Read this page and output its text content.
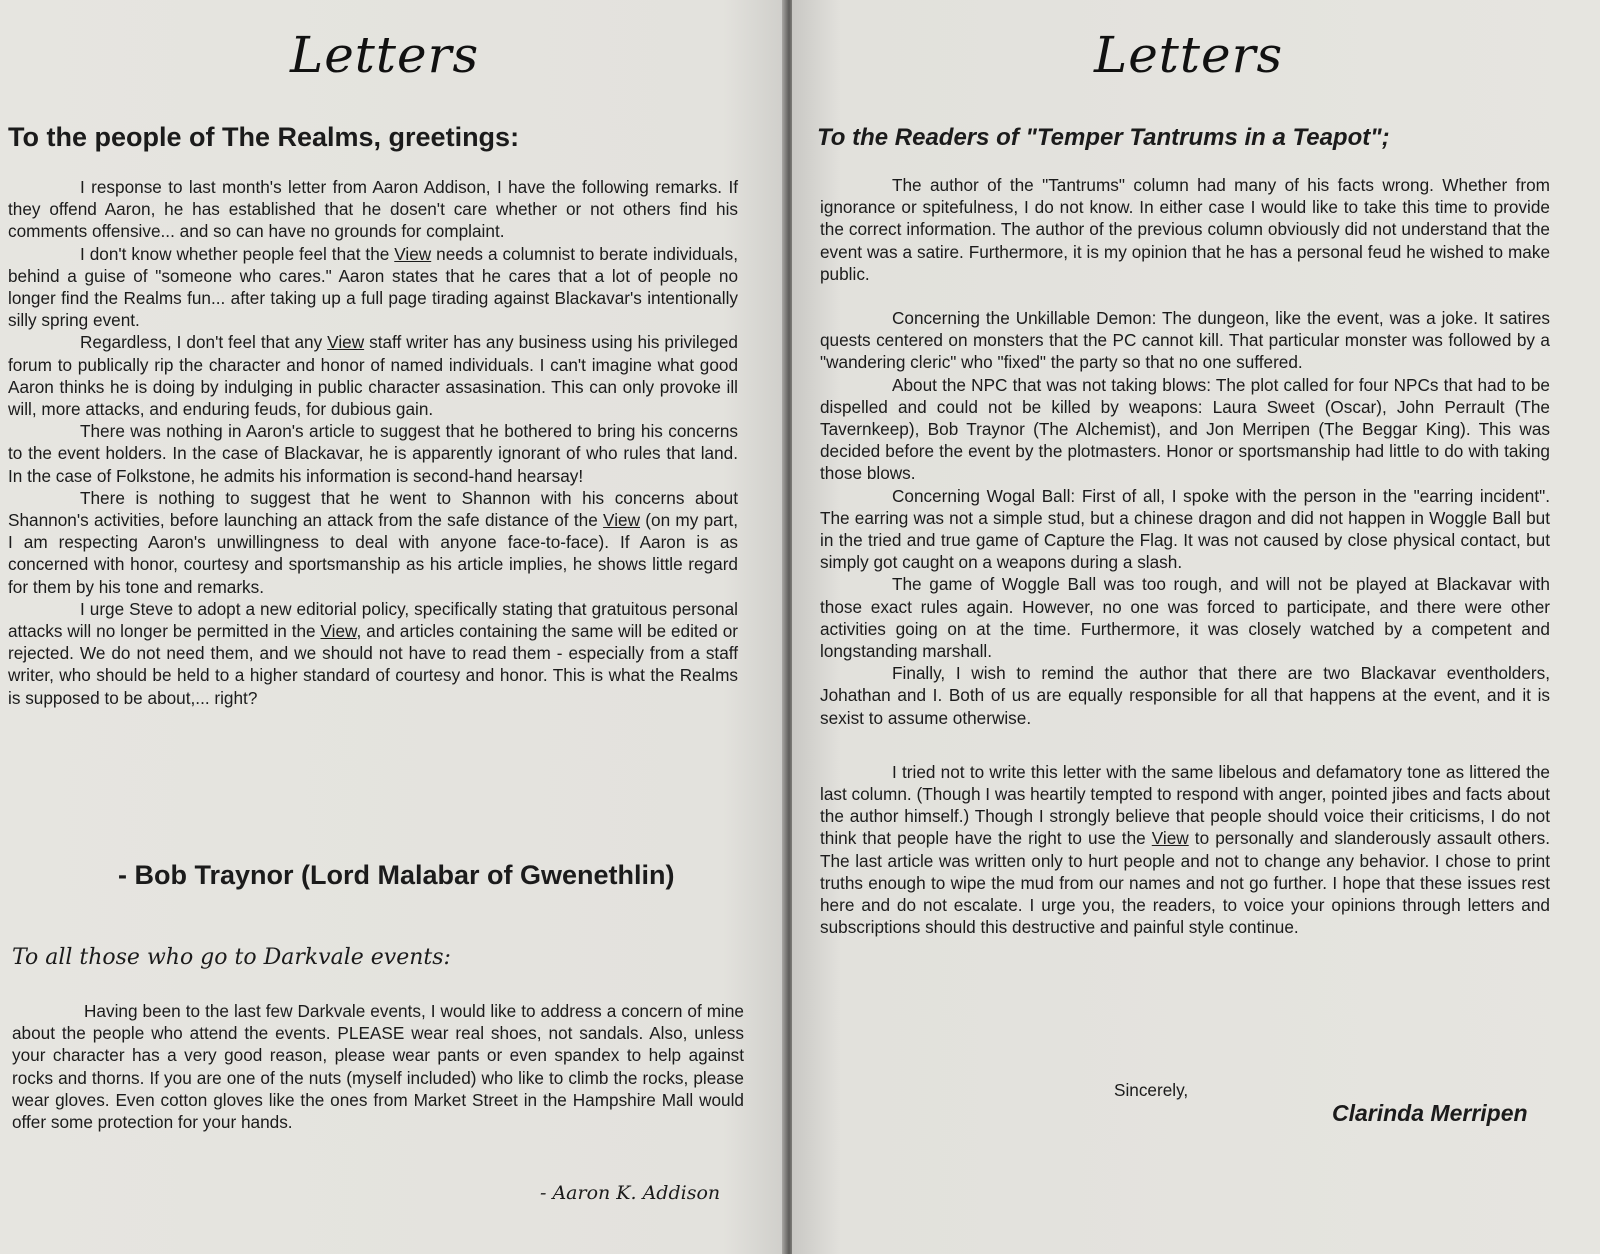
Letters
To the people of The Realms, greetings:

I response to last month's letter from Aaron Addison, I have the following remarks. If they offend Aaron, he has established that he dosen't care whether or not others find his comments offensive... and so can have no grounds for complaint.

I don't know whether people feel that the View needs a columnist to berate individuals, behind a guise of "someone who cares." Aaron states that he cares that a lot of people no longer find the Realms fun... after taking up a full page tirading against Blackavar's intentionally silly spring event.

Regardless, I don't feel that any View staff writer has any business using his privileged forum to publically rip the character and honor of named individuals. I can't imagine what good Aaron thinks he is doing by indulging in public character assasination. This can only provoke ill will, more attacks, and enduring feuds, for dubious gain.

There was nothing in Aaron's article to suggest that he bothered to bring his concerns to the event holders. In the case of Blackavar, he is apparently ignorant of who rules that land. In the case of Folkstone, he admits his information is second-hand hearsay!

There is nothing to suggest that he went to Shannon with his concerns about Shannon's activities, before launching an attack from the safe distance of the View (on my part, I am respecting Aaron's unwillingness to deal with anyone face-to-face). If Aaron is as concerned with honor, courtesy and sportsmanship as his article implies, he shows little regard for them by his tone and remarks.

I urge Steve to adopt a new editorial policy, specifically stating that gratuitous personal attacks will no longer be permitted in the View, and articles containing the same will be edited or rejected. We do not need them, and we should not have to read them - especially from a staff writer, who should be held to a higher standard of courtesy and honor. This is what the Realms is supposed to be about,... right?

- Bob Traynor (Lord Malabar of Gwenethlin)
To all those who go to Darkvale events:

Having been to the last few Darkvale events, I would like to address a concern of mine about the people who attend the events. PLEASE wear real shoes, not sandals. Also, unless your character has a very good reason, please wear pants or even spandex to help against rocks and thorns. If you are one of the nuts (myself included) who like to climb the rocks, please wear gloves. Even cotton gloves like the ones from Market Street in the Hampshire Mall would offer some protection for your hands.

- Aaron K. Addison
Letters
To the Readers of "Temper Tantrums in a Teapot";

The author of the "Tantrums" column had many of his facts wrong. Whether from ignorance or spitefulness, I do not know. In either case I would like to take this time to provide the correct information. The author of the previous column obviously did not understand that the event was a satire. Furthermore, it is my opinion that he has a personal feud he wished to make public.

Concerning the Unkillable Demon: The dungeon, like the event, was a joke. It satires quests centered on monsters that the PC cannot kill. That particular monster was followed by a "wandering cleric" who "fixed" the party so that no one suffered.

About the NPC that was not taking blows: The plot called for four NPCs that had to be dispelled and could not be killed by weapons: Laura Sweet (Oscar), John Perrault (The Tavernkeep), Bob Traynor (The Alchemist), and Jon Merripen (The Beggar King). This was decided before the event by the plotmasters. Honor or sportsmanship had little to do with taking those blows.

Concerning Wogal Ball: First of all, I spoke with the person in the "earring incident". The earring was not a simple stud, but a chinese dragon and did not happen in Woggle Ball but in the tried and true game of Capture the Flag. It was not caused by close physical contact, but simply got caught on a weapons during a slash.

The game of Woggle Ball was too rough, and will not be played at Blackavar with those exact rules again. However, no one was forced to participate, and there were other activities going on at the time. Furthermore, it was closely watched by a competent and longstanding marshall.

Finally, I wish to remind the author that there are two Blackavar eventholders, Johathan and I. Both of us are equally responsible for all that happens at the event, and it is sexist to assume otherwise.

I tried not to write this letter with the same libelous and defamatory tone as littered the last column. (Though I was heartily tempted to respond with anger, pointed jibes and facts about the author himself.) Though I strongly believe that people should voice their criticisms, I do not think that people have the right to use the View to personally and slanderously assault others. The last article was written only to hurt people and not to change any behavior. I chose to print truths enough to wipe the mud from our names and not go further. I hope that these issues rest here and do not escalate. I urge you, the readers, to voice your opinions through letters and subscriptions should this destructive and painful style continue.

Sincerely,
Clarinda Merripen
